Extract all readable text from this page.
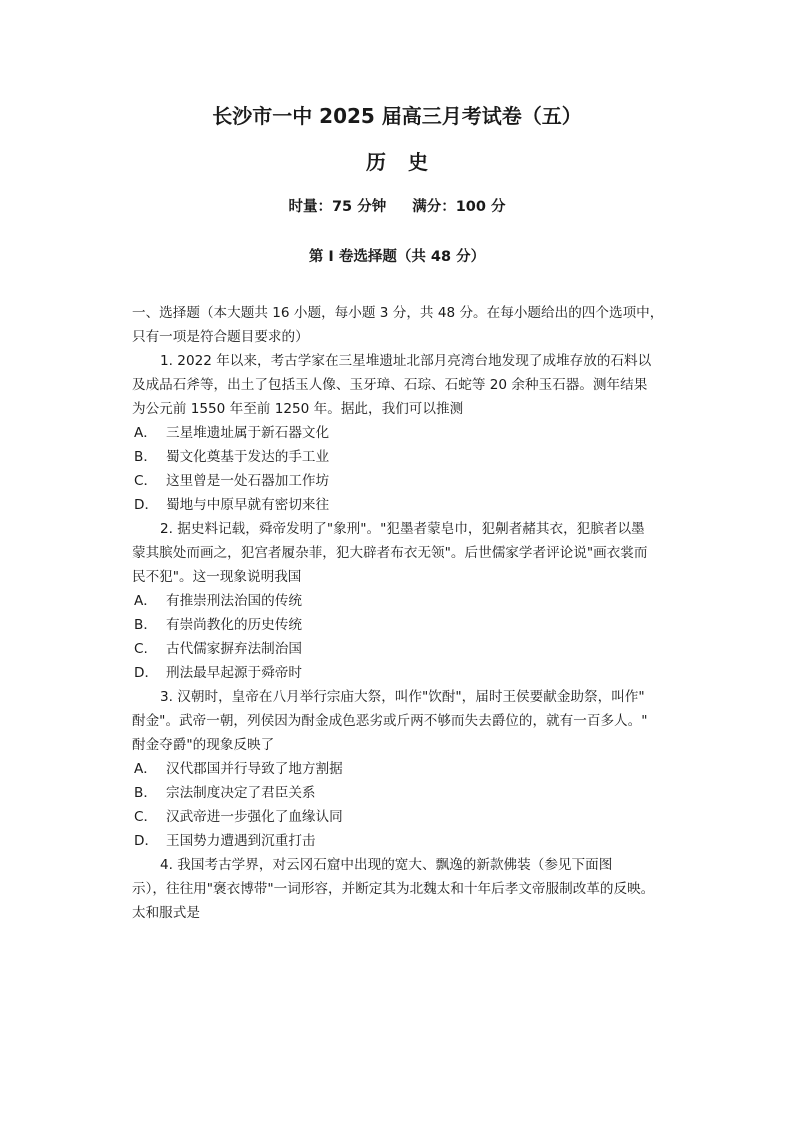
长沙市一中 2025 届高三月考试卷（五）
历史
时量：75 分钟 满分：100 分
第 Ⅰ 卷选择题（共 48 分）
一、选择题（本大题共 16 小题，每小题 3 分，共 48 分。在每小题给出的四个选项中，
只有一项是符合题目要求的）
1. 2022 年以来，考古学家在三星堆遗址北部月亮湾台地发现了成堆存放的石料以
及成品石斧等，出土了包括玉人像、玉牙璋、石琮、石蛇等 20 余种玉石器。测年结果
为公元前 1550 年至前 1250 年。据此，我们可以推测
A． 三星堆遗址属于新石器文化
B． 蜀文化奠基于发达的手工业
C． 这里曾是一处石器加工作坊
D． 蜀地与中原早就有密切来往
2. 据史料记载，舜帝发明了"象刑"。"犯墨者蒙皂巾，犯劓者赭其衣，犯膑者以墨
蒙其膑处而画之，犯宫者履杂菲，犯大辟者布衣无领"。后世儒家学者评论说"画衣裳而
民不犯"。这一现象说明我国
A． 有推崇刑法治国的传统
B． 有崇尚教化的历史传统
C. 古代儒家摒弃法制治国
D． 刑法最早起源于舜帝时
3. 汉朝时，皇帝在八月举行宗庙大祭，叫作"饮酎"，届时王侯要献金助祭，叫作"
酎金"。武帝一朝，列侯因为酎金成色恶劣或斤两不够而失去爵位的，就有一百多人。"
酎金夺爵"的现象反映了
A． 汉代郡国并行导致了地方割据
B． 宗法制度决定了君臣关系
C． 汉武帝进一步强化了血缘认同
D． 王国势力遭遇到沉重打击
4. 我国考古学界，对云冈石窟中出现的宽大、飘逸的新款佛装（参见下面图
示），往往用"褒衣博带"一词形容，并断定其为北魏太和十年后孝文帝服制改革的反映。
太和服式是
